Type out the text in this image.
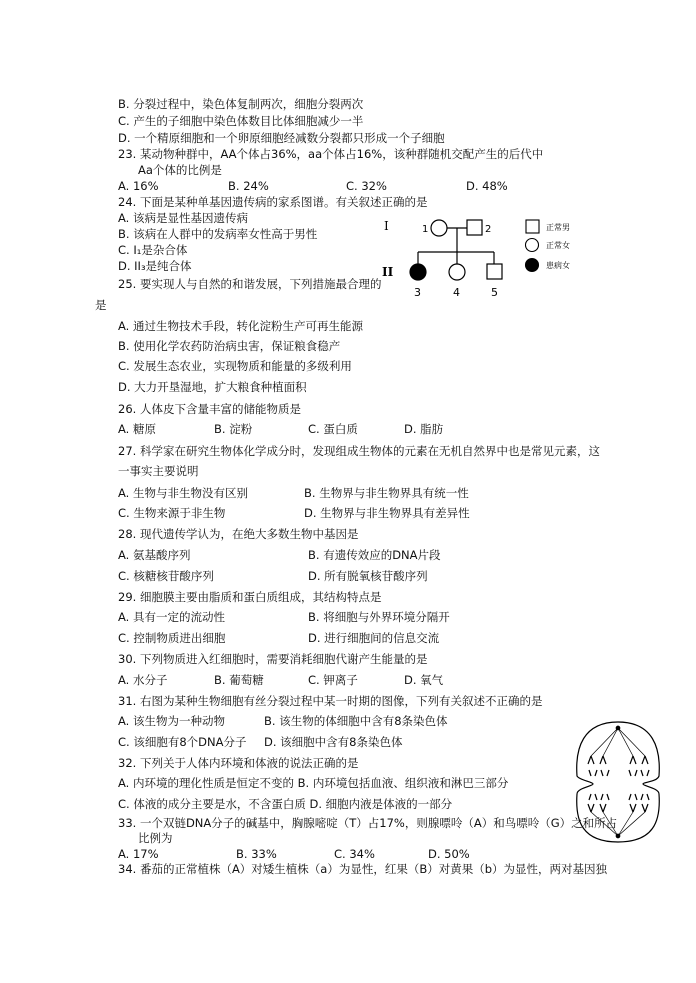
B. 分裂过程中，染色体复制两次，细胞分裂两次
C. 产生的子细胞中染色体数目比体细胞减少一半
D. 一个精原细胞和一个卵原细胞经减数分裂都只形成一个子细胞
23. 某动物种群中，AA个体占36%，aa个体占16%，该种群随机交配产生的后代中
Aa个体的比例是
A. 16%	B. 24%	C. 32%	D. 48%
24. 下面是某种单基因遗传病的家系图谱。有关叙述正确的是
A. 该病是显性基因遗传病
B. 该病在人群中的发病率女性高于男性
C. I₁是杂合体
D. II₃是纯合体
I
II
1	2
3	4	5
正常男
正常女
患病女
25. 要实现人与自然的和谐发展，下列措施最合理的
是
A. 通过生物技术手段，转化淀粉生产可再生能源
B. 使用化学农药防治病虫害，保证粮食稳产
C. 发展生态农业，实现物质和能量的多级利用
D. 大力开垦湿地，扩大粮食种植面积
26. 人体皮下含量丰富的储能物质是
A. 糖原	B. 淀粉	C. 蛋白质	D. 脂肪
27. 科学家在研究生物体化学成分时，发现组成生物体的元素在无机自然界中也是常见元素，这
一事实主要说明
A. 生物与非生物没有区别	B. 生物界与非生物界具有统一性
C. 生物来源于非生物	D. 生物界与非生物界具有差异性
28. 现代遗传学认为，在绝大多数生物中基因是
A. 氨基酸序列	B. 有遗传效应的DNA片段
C. 核糖核苷酸序列	D. 所有脱氧核苷酸序列
29. 细胞膜主要由脂质和蛋白质组成，其结构特点是
A. 具有一定的流动性	B. 将细胞与外界环境分隔开
C. 控制物质进出细胞	D. 进行细胞间的信息交流
30. 下列物质进入红细胞时，需要消耗细胞代谢产生能量的是
A. 水分子	B. 葡萄糖	C. 钾离子	D. 氧气
31. 右图为某种生物细胞有丝分裂过程中某一时期的图像，下列有关叙述不正确的是
A. 该生物为一种动物	B. 该生物的体细胞中含有8条染色体
C. 该细胞有8个DNA分子 D. 该细胞中含有8条染色体
32. 下列关于人体内环境和体液的说法正确的是
A. 内环境的理化性质是恒定不变的 B. 内环境包括血液、组织液和淋巴三部分
C. 体液的成分主要是水，不含蛋白质 D. 细胞内液是体液的一部分
33. 一个双链DNA分子的碱基中，胸腺嘧啶（T）占17%，则腺嘌呤（A）和鸟嘌呤（G）之和所占
比例为
A. 17%	B. 33%	C. 34%	D. 50%
34. 番茄的正常植株（A）对矮生植株（a）为显性，红果（B）对黄果（b）为显性，两对基因独
